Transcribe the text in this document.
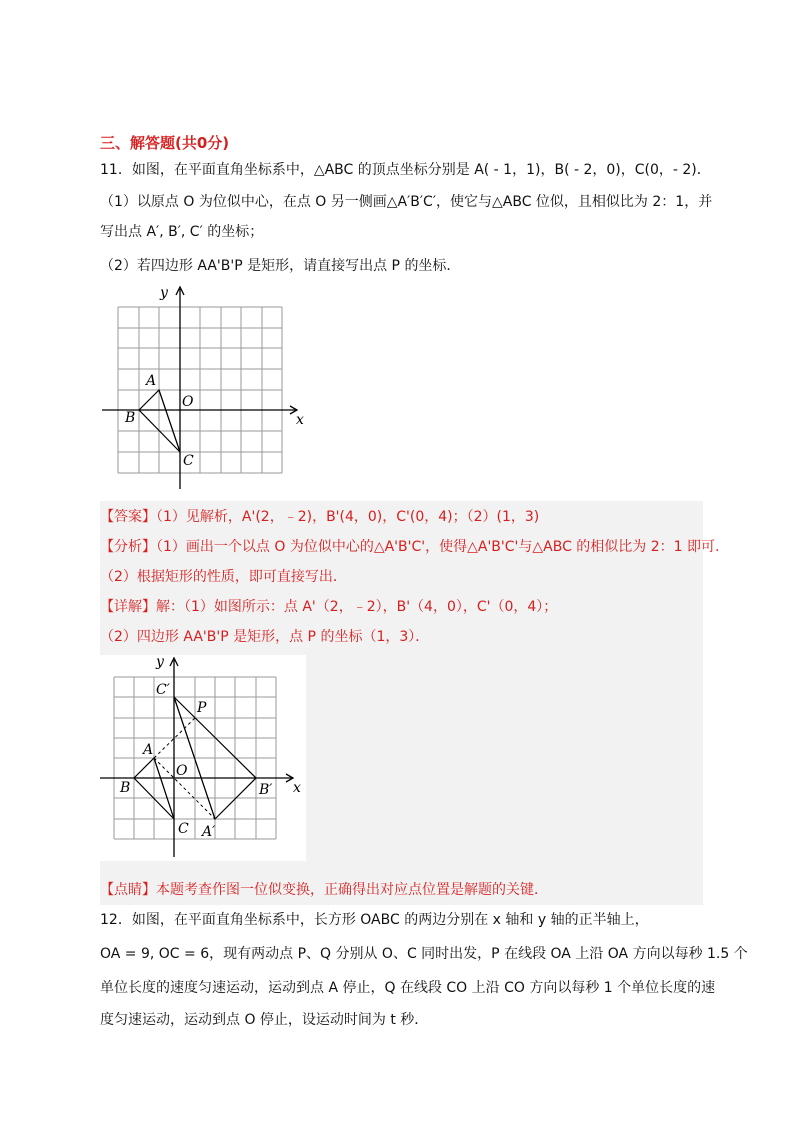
三、解答题(共0分)
11．如图，在平面直角坐标系中，△ABC 的顶点坐标分别是 A( ‑ 1，1)，B( ‑ 2，0)，C(0，‑ 2)．
（1）以原点 O 为位似中心，在点 O 另一侧画△A′B′C′，使它与△ABC 位似，且相似比为 2：1，并
写出点 A′, B′, C′ 的坐标；
（2）若四边形 AA'B'P 是矩形，请直接写出点 P 的坐标．
y
x
A
B
O
C
【答案】（1）见解析，A'(2，﹣2)，B'(4，0)，C'(0，4)；（2）(1，3)
【分析】（1）画出一个以点 O 为位似中心的△A'B'C'，使得△A'B'C'与△ABC 的相似比为 2：1 即可.
（2）根据矩形的性质，即可直接写出．
【详解】解：（1）如图所示：点 A'（2，﹣2），B'（4，0），C'（0，4）；
（2）四边形 AA'B'P 是矩形，点 P 的坐标（1，3）．
y
x
C′
P
A
O
B	B′
C A′
【点睛】本题考查作图一位似变换，正确得出对应点位置是解题的关键．
12．如图，在平面直角坐标系中，长方形 OABC 的两边分别在 x 轴和 y 轴的正半轴上，
OA = 9, OC = 6，现有两动点 P、Q 分别从 O、C 同时出发，P 在线段 OA 上沿 OA 方向以每秒 1.5 个
单位长度的速度匀速运动，运动到点 A 停止，Q 在线段 CO 上沿 CO 方向以每秒 1 个单位长度的速
度匀速运动，运动到点 O 停止，设运动时间为 t 秒．
